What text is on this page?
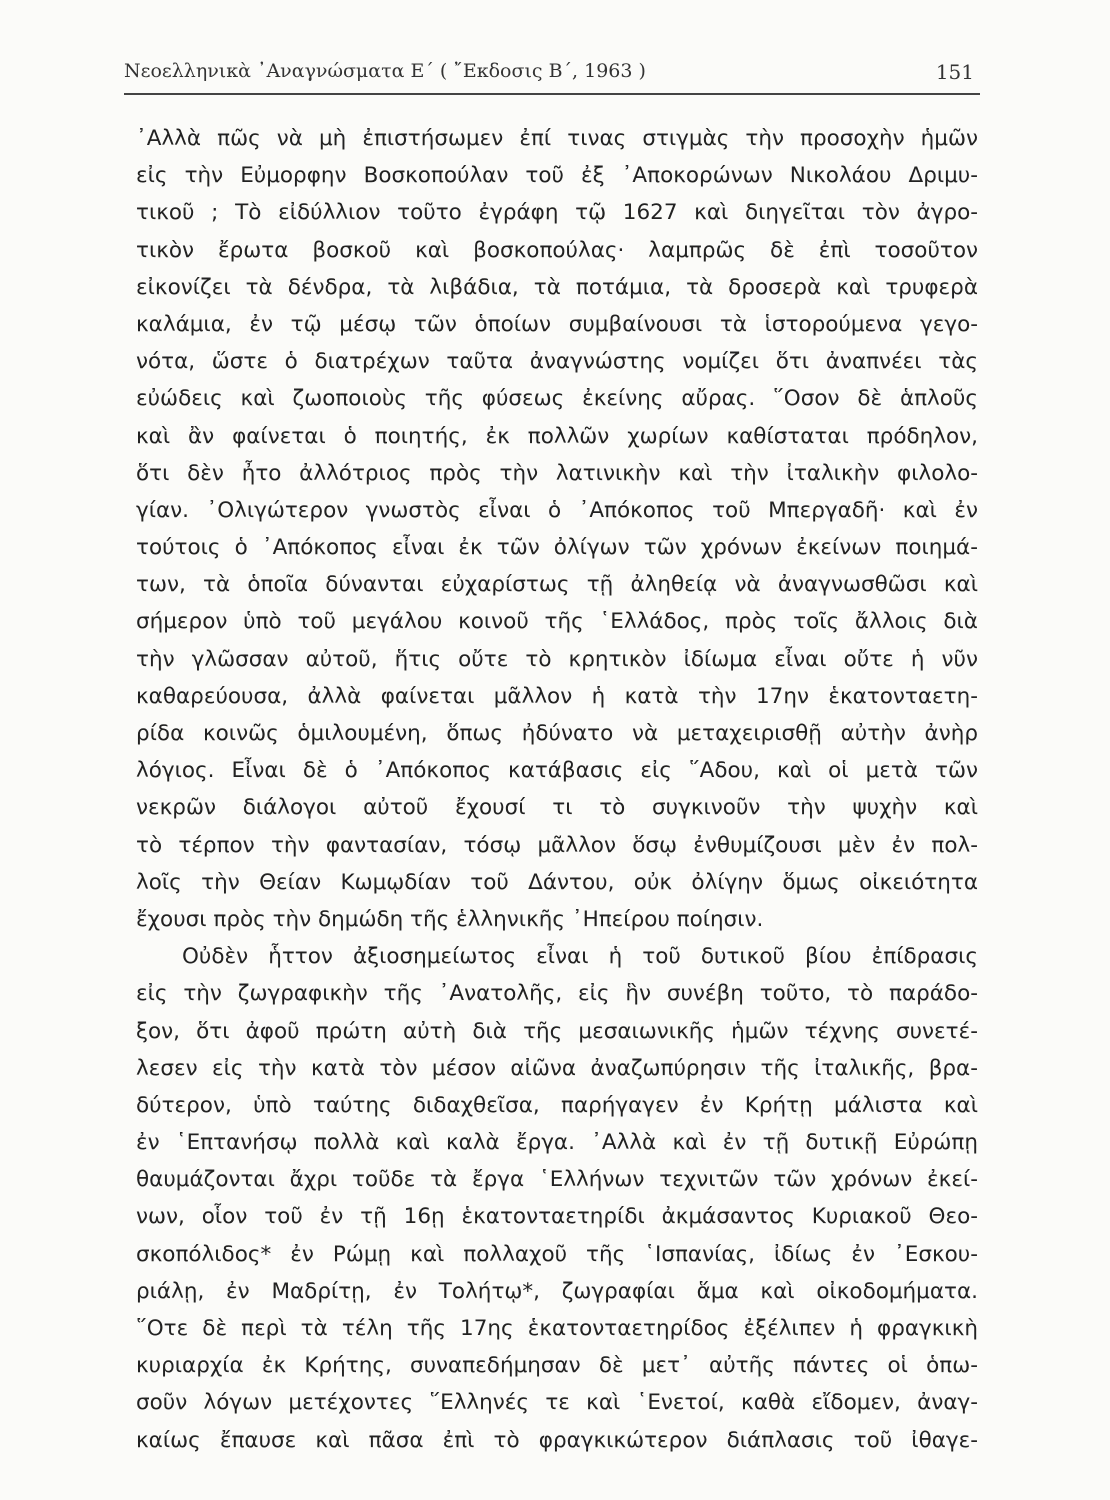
Νεοελληνικὰ ᾿Αναγνώσματα Ε΄ ( ῎Εκδοσις Β΄, 1963 )	151
᾿Αλλὰ πῶς νὰ μὴ ἐπιστήσωμεν ἐπί τινας στιγμὰς τὴν προσοχὴν ἡμῶν
εἰς τὴν Εὐμορφην Βοσκοπούλαν τοῦ ἐξ ᾿Αποκορώνων Νικολάου Δριμυ-
τικοῦ ; Τὸ εἰδύλλιον τοῦτο ἐγράφη τῷ 1627 καὶ διηγεῖται τὸν ἀγρο-
τικὸν ἔρωτα βοσκοῦ καὶ βοσκοπούλας· λαμπρῶς δὲ ἐπὶ τοσοῦτον
εἰκονίζει τὰ δένδρα, τὰ λιβάδια, τὰ ποτάμια, τὰ δροσερὰ καὶ τρυφερὰ
καλάμια, ἐν τῷ μέσῳ τῶν ὁποίων συμβαίνουσι τὰ ἱστορούμενα γεγο-
νότα, ὥστε ὁ διατρέχων ταῦτα ἀναγνώστης νομίζει ὅτι ἀναπνέει τὰς
εὐώδεις καὶ ζωοποιοὺς τῆς φύσεως ἐκείνης αὔρας. ῞Οσον δὲ ἁπλοῦς
καὶ ἂν φαίνεται ὁ ποιητής, ἐκ πολλῶν χωρίων καθίσταται πρόδηλον,
ὅτι δὲν ἦτο ἀλλότριος πρὸς τὴν λατινικὴν καὶ τὴν ἰταλικὴν φιλολο-
γίαν. ᾿Ολιγώτερον γνωστὸς εἶναι ὁ ᾿Απόκοπος τοῦ Μπεργαδῆ· καὶ ἐν
τούτοις ὁ ᾿Απόκοπος εἶναι ἐκ τῶν ὀλίγων τῶν χρόνων ἐκείνων ποιημά-
των, τὰ ὁποῖα δύνανται εὐχαρίστως τῇ ἀληθείᾳ νὰ ἀναγνωσθῶσι καὶ
σήμερον ὑπὸ τοῦ μεγάλου κοινοῦ τῆς ῾Ελλάδος, πρὸς τοῖς ἄλλοις διὰ
τὴν γλῶσσαν αὐτοῦ, ἥτις οὔτε τὸ κρητικὸν ἰδίωμα εἶναι οὔτε ἡ νῦν
καθαρεύουσα, ἀλλὰ φαίνεται μᾶλλον ἡ κατὰ τὴν 17ην ἑκατονταετη-
ρίδα κοινῶς ὁμιλουμένη, ὅπως ἠδύνατο νὰ μεταχειρισθῇ αὐτὴν ἀνὴρ
λόγιος. Εἶναι δὲ ὁ ᾿Απόκοπος κατάβασις εἰς ῞Αδου, καὶ οἱ μετὰ τῶν
νεκρῶν διάλογοι αὐτοῦ ἔχουσί τι τὸ συγκινοῦν τὴν ψυχὴν καὶ
τὸ τέρπον τὴν φαντασίαν, τόσῳ μᾶλλον ὅσῳ ἐνθυμίζουσι μὲν ἐν πολ-
λοῖς τὴν Θείαν Κωμῳδίαν τοῦ Δάντου, οὐκ ὀλίγην ὅμως οἰκειότητα
ἔχουσι πρὸς τὴν δημώδη τῆς ἑλληνικῆς ᾿Ηπείρου ποίησιν.
Οὐδὲν ἧττον ἀξιοσημείωτος εἶναι ἡ τοῦ δυτικοῦ βίου ἐπίδρασις
εἰς τὴν ζωγραφικὴν τῆς ᾿Ανατολῆς, εἰς ἣν συνέβη τοῦτο, τὸ παράδο-
ξον, ὅτι ἀφοῦ πρώτη αὐτὴ διὰ τῆς μεσαιωνικῆς ἡμῶν τέχνης συνετέ-
λεσεν εἰς τὴν κατὰ τὸν μέσον αἰῶνα ἀναζωπύρησιν τῆς ἰταλικῆς, βρα-
δύτερον, ὑπὸ ταύτης διδαχθεῖσα, παρήγαγεν ἐν Κρήτῃ μάλιστα καὶ
ἐν ῾Επτανήσῳ πολλὰ καὶ καλὰ ἔργα. ᾿Αλλὰ καὶ ἐν τῇ δυτικῇ Εὐρώπῃ
θαυμάζονται ἄχρι τοῦδε τὰ ἔργα ῾Ελλήνων τεχνιτῶν τῶν χρόνων ἐκεί-
νων, οἷον τοῦ ἐν τῇ 16ῃ ἑκατονταετηρίδι ἀκμάσαντος Κυριακοῦ Θεο-
σκοπόλιδος* ἐν Ρώμῃ καὶ πολλαχοῦ τῆς ῾Ισπανίας, ἰδίως ἐν ᾿Εσκου-
ριάλῃ, ἐν Μαδρίτῃ, ἐν Τολήτῳ*, ζωγραφίαι ἅμα καὶ οἰκοδομήματα.
῞Οτε δὲ περὶ τὰ τέλη τῆς 17ης ἑκατονταετηρίδος ἐξέλιπεν ἡ φραγκικὴ
κυριαρχία ἐκ Κρήτης, συναπεδήμησαν δὲ μετ᾿ αὐτῆς πάντες οἱ ὁπω-
σοῦν λόγων μετέχοντες ῞Ελληνές τε καὶ ῾Ενετοί, καθὰ εἴδομεν, ἀναγ-
καίως ἔπαυσε καὶ πᾶσα ἐπὶ τὸ φραγκικώτερον διάπλασις τοῦ ἰθαγε-
